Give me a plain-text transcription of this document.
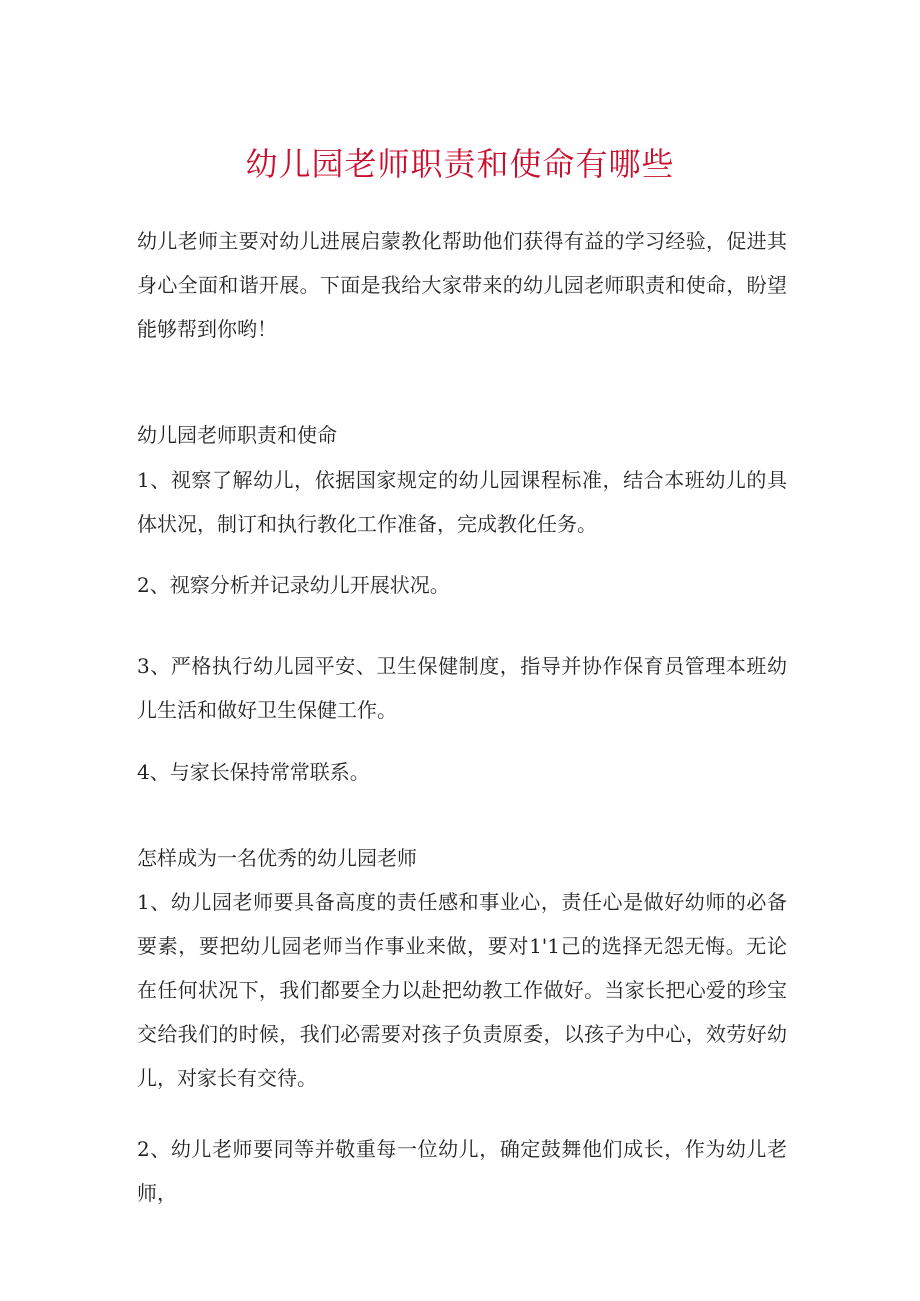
幼儿园老师职责和使命有哪些

幼儿老师主要对幼儿进展启蒙教化帮助他们获得有益的学习经验，促进其身心全面和谐开展。下面是我给大家带来的幼儿园老师职责和使命，盼望能够帮到你哟！

幼儿园老师职责和使命

1、视察了解幼儿，依据国家规定的幼儿园课程标准，结合本班幼儿的具体状况，制订和执行教化工作准备，完成教化任务。

2、视察分析并记录幼儿开展状况。

3、严格执行幼儿园平安、卫生保健制度，指导并协作保育员管理本班幼儿生活和做好卫生保健工作。

4、与家长保持常常联系。

怎样成为一名优秀的幼儿园老师

1、幼儿园老师要具备高度的责任感和事业心，责任心是做好幼师的必备要素，要把幼儿园老师当作事业来做，要对1'1己的选择无怨无悔。无论在任何状况下，我们都要全力以赴把幼教工作做好。当家长把心爱的珍宝交给我们的时候，我们必需要对孩子负责原委，以孩子为中心，效劳好幼儿，对家长有交待。

2、幼儿老师要同等并敬重每一位幼儿，确定鼓舞他们成长，作为幼儿老师，
